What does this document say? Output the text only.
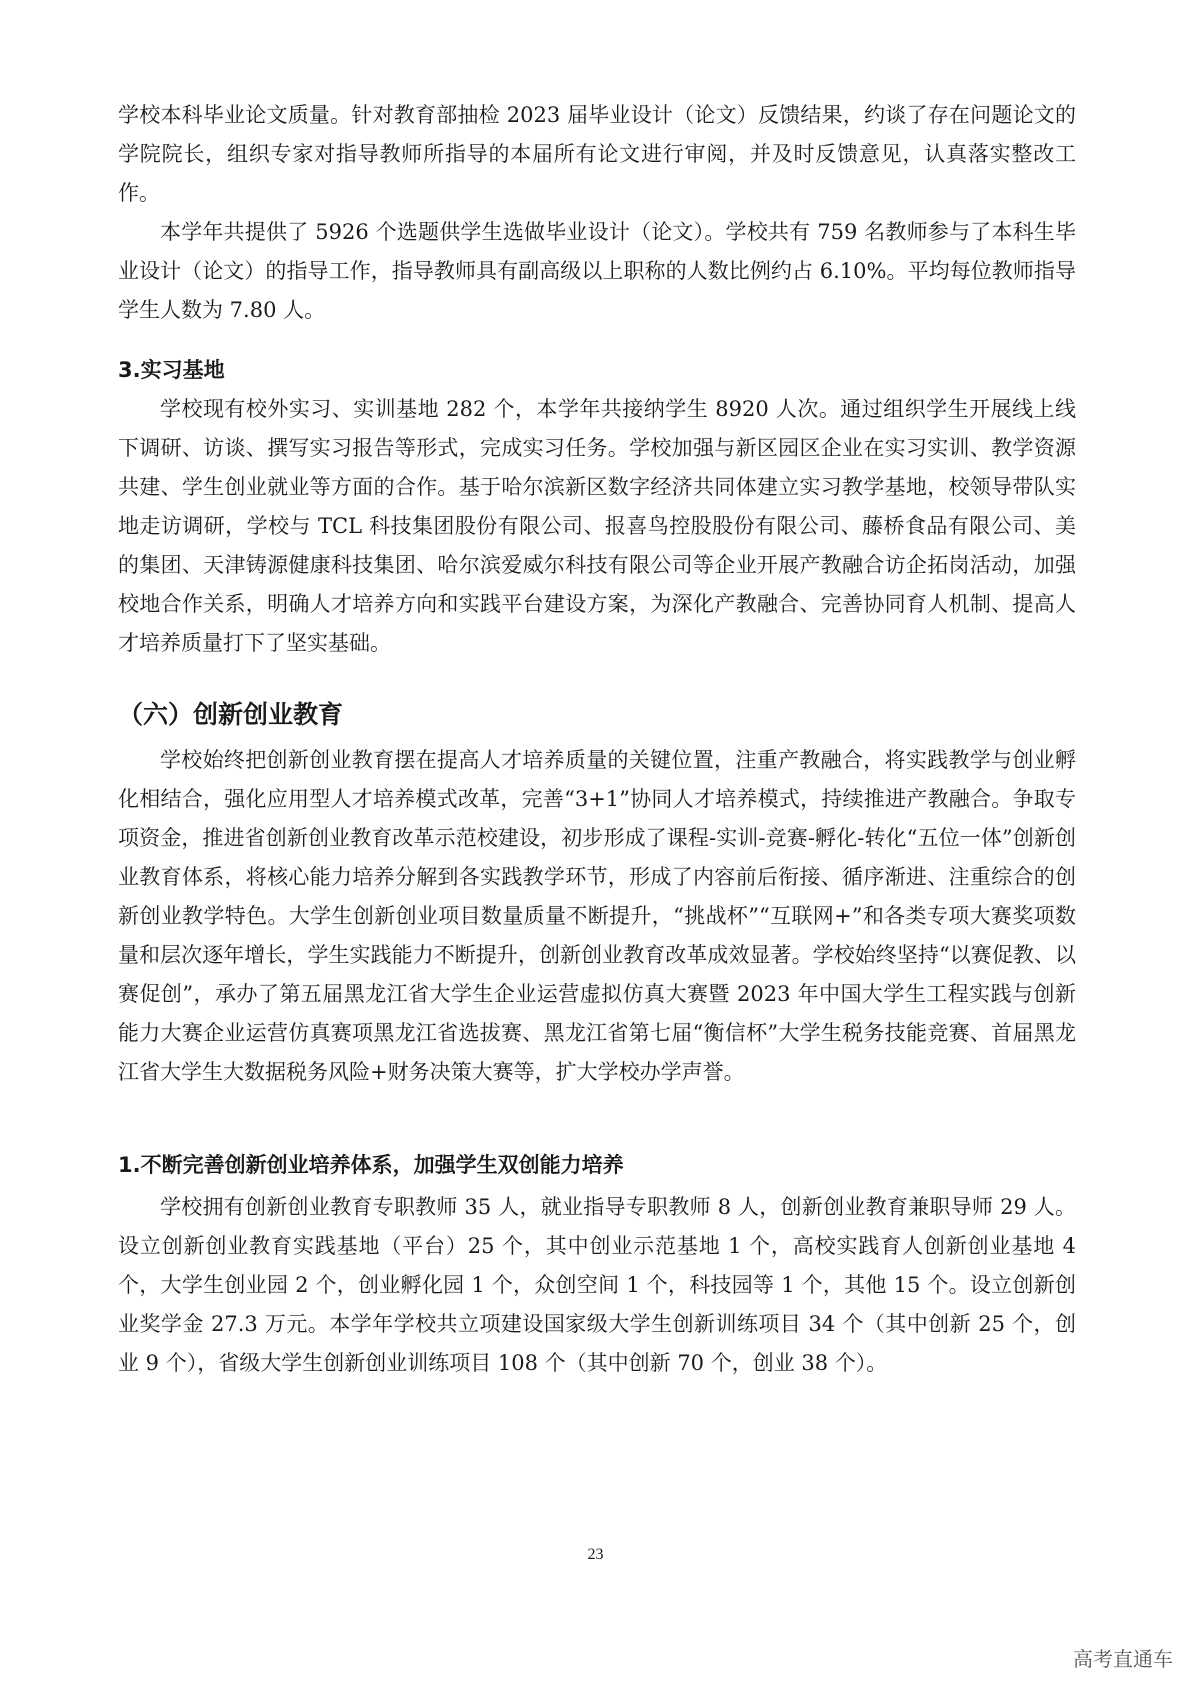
学校本科毕业论文质量。针对教育部抽检 2023 届毕业设计（论文）反馈结果，约谈了存在问题论文的学院院长，组织专家对指导教师所指导的本届所有论文进行审阅，并及时反馈意见，认真落实整改工作。

本学年共提供了 5926 个选题供学生选做毕业设计（论文）。学校共有 759 名教师参与了本科生毕业设计（论文）的指导工作，指导教师具有副高级以上职称的人数比例约占 6.10%。平均每位教师指导学生人数为 7.80 人。

3.实习基地

学校现有校外实习、实训基地 282 个，本学年共接纳学生 8920 人次。通过组织学生开展线上线下调研、访谈、撰写实习报告等形式，完成实习任务。学校加强与新区园区企业在实习实训、教学资源共建、学生创业就业等方面的合作。基于哈尔滨新区数字经济共同体建立实习教学基地，校领导带队实地走访调研，学校与 TCL 科技集团股份有限公司、报喜鸟控股股份有限公司、藤桥食品有限公司、美的集团、天津铸源健康科技集团、哈尔滨爱威尔科技有限公司等企业开展产教融合访企拓岗活动，加强校地合作关系，明确人才培养方向和实践平台建设方案，为深化产教融合、完善协同育人机制、提高人才培养质量打下了坚实基础。

（六）创新创业教育

学校始终把创新创业教育摆在提高人才培养质量的关键位置，注重产教融合，将实践教学与创业孵化相结合，强化应用型人才培养模式改革，完善“3+1”协同人才培养模式，持续推进产教融合。争取专项资金，推进省创新创业教育改革示范校建设，初步形成了课程-实训-竞赛-孵化-转化“五位一体”创新创业教育体系，将核心能力培养分解到各实践教学环节，形成了内容前后衔接、循序渐进、注重综合的创新创业教学特色。大学生创新创业项目数量质量不断提升，“挑战杯”“互联网+”和各类专项大赛奖项数量和层次逐年增长，学生实践能力不断提升，创新创业教育改革成效显著。学校始终坚持“以赛促教、以赛促创”，承办了第五届黑龙江省大学生企业运营虚拟仿真大赛暨 2023 年中国大学生工程实践与创新能力大赛企业运营仿真赛项黑龙江省选拔赛、黑龙江省第七届“衡信杯”大学生税务技能竞赛、首届黑龙江省大学生大数据税务风险+财务决策大赛等，扩大学校办学声誉。

1.不断完善创新创业培养体系，加强学生双创能力培养

学校拥有创新创业教育专职教师 35 人，就业指导专职教师 8 人，创新创业教育兼职导师 29 人。设立创新创业教育实践基地（平台）25 个，其中创业示范基地 1 个，高校实践育人创新创业基地 4 个，大学生创业园 2 个，创业孵化园 1 个，众创空间 1 个，科技园等 1 个，其他 15 个。设立创新创业奖学金 27.3 万元。本学年学校共立项建设国家级大学生创新训练项目 34 个（其中创新 25 个，创业 9 个），省级大学生创新创业训练项目 108 个（其中创新 70 个，创业 38 个）。

23
高考直通车
